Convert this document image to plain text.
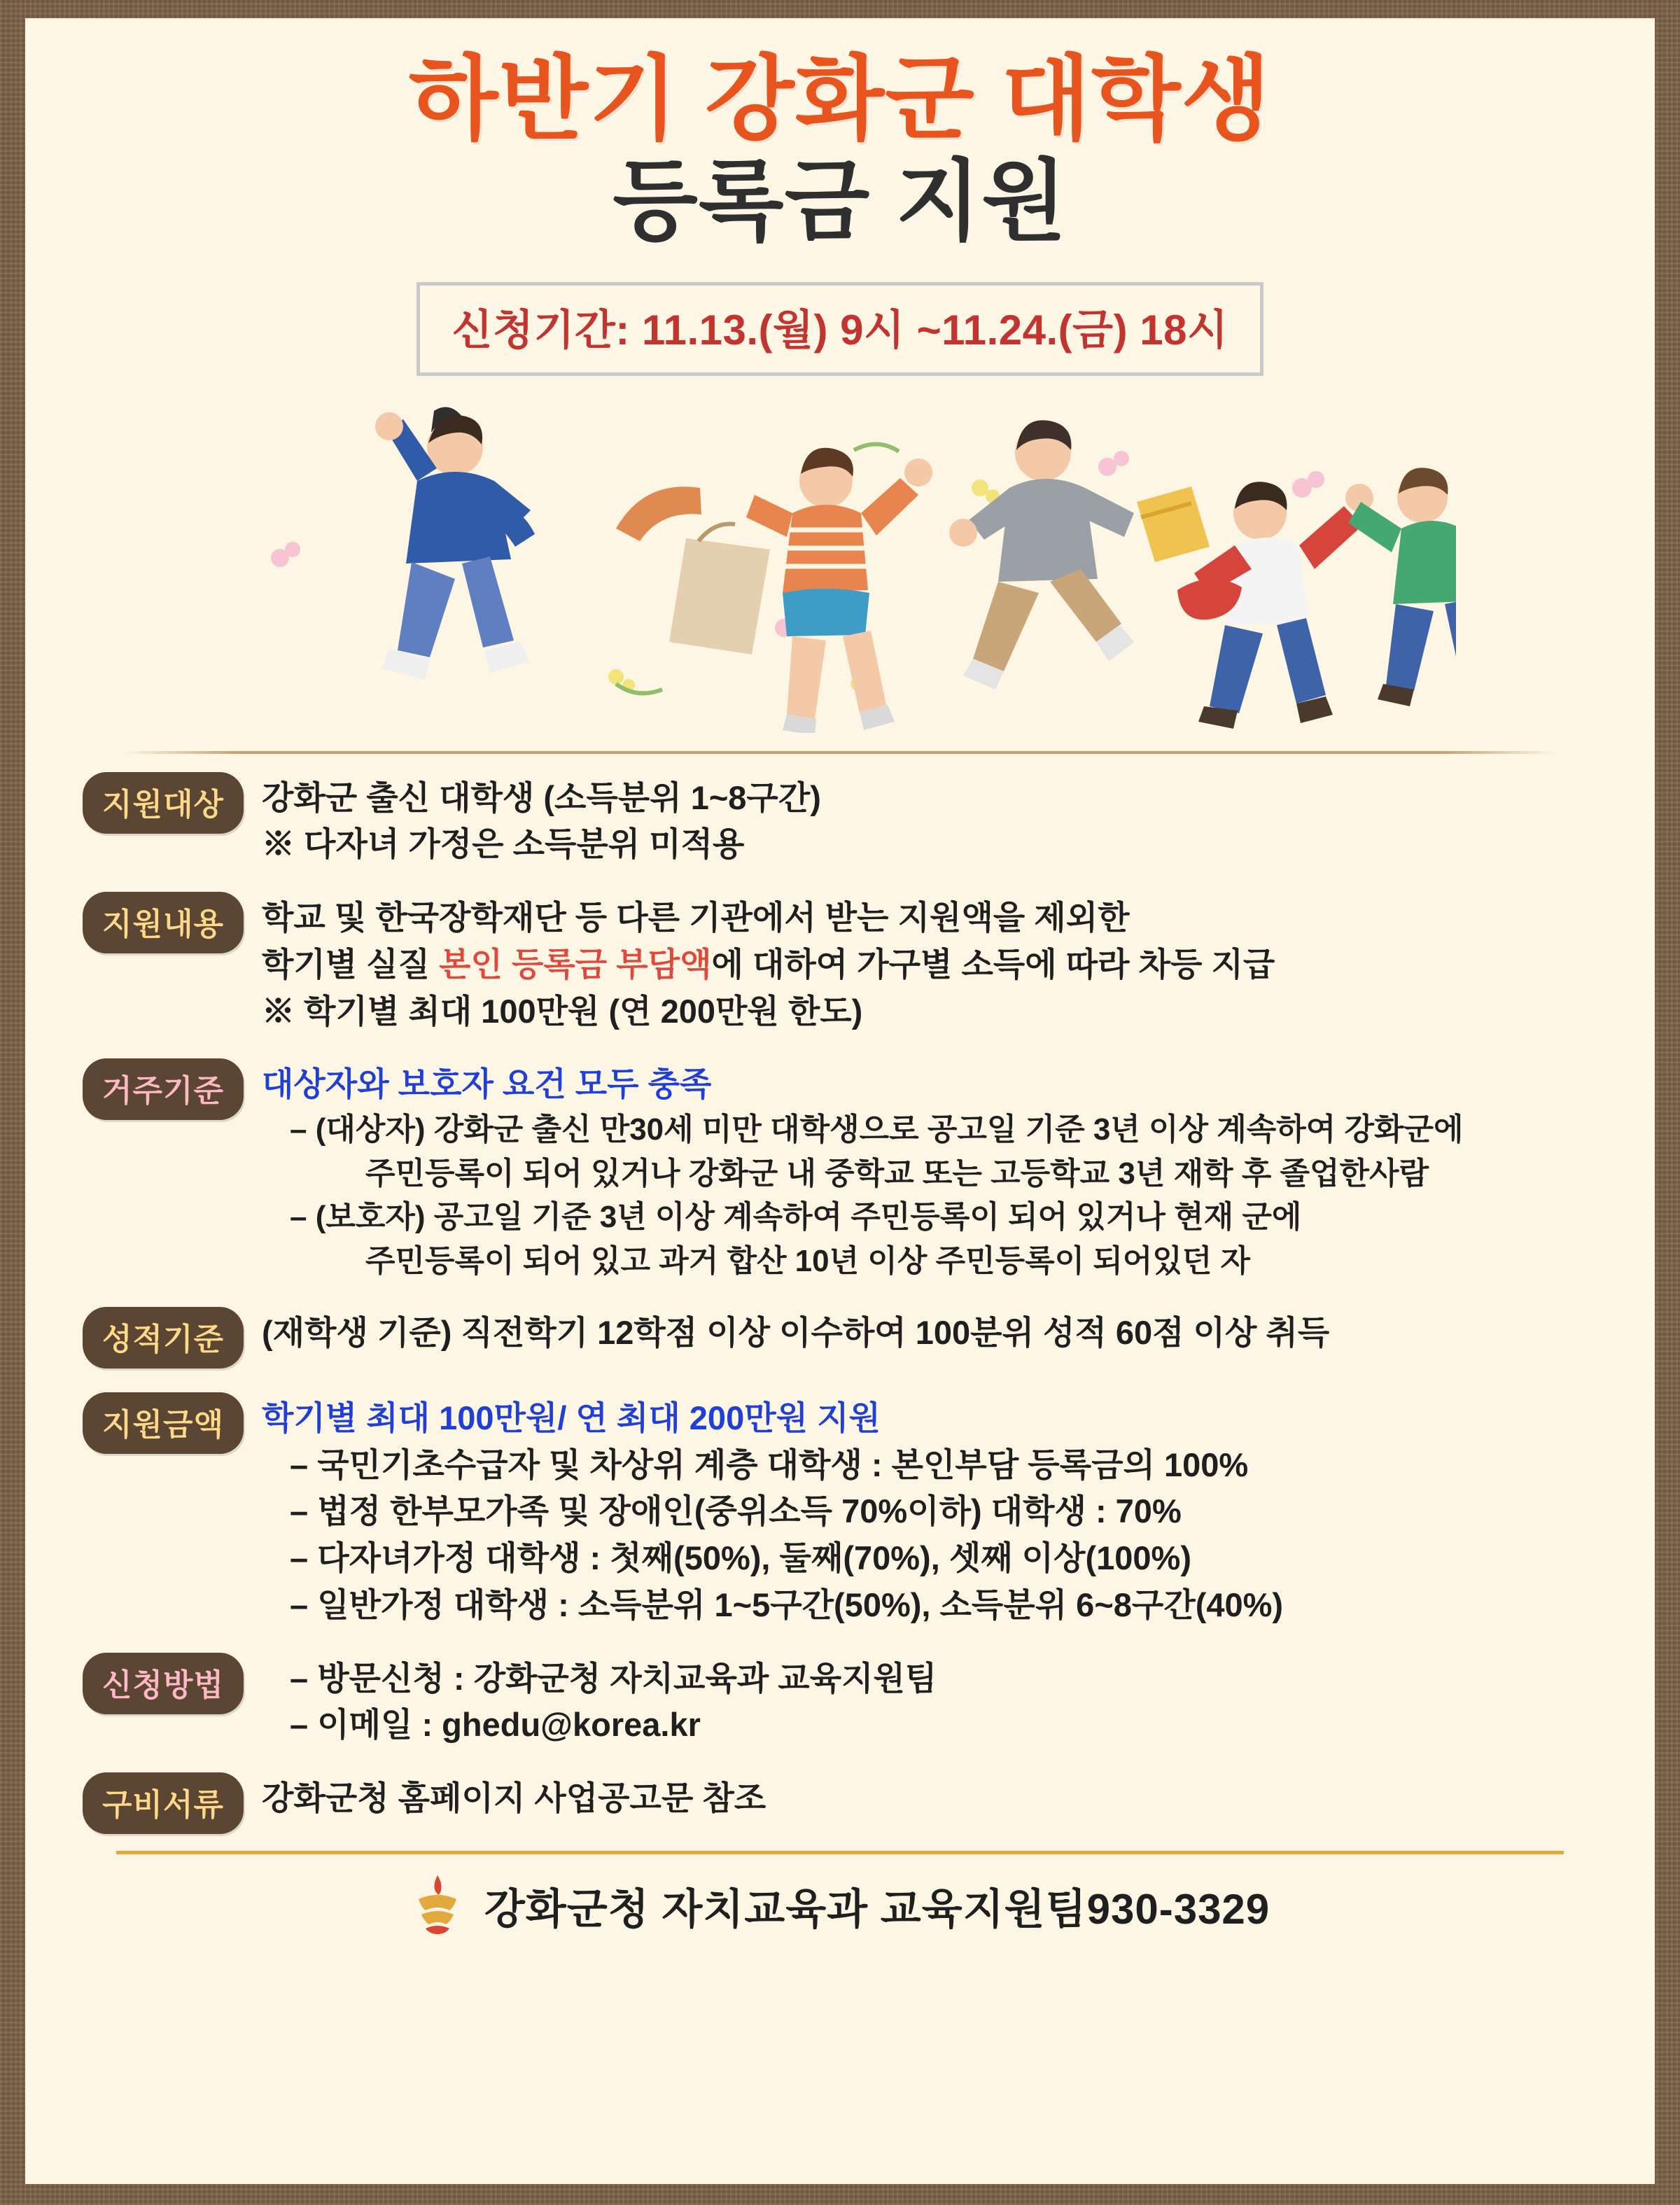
하반기 강화군 대학생
등록금 지원
신청기간: 11.13.(월) 9시 ~11.24.(금) 18시
지원대상	강화군 출신 대학생 (소득분위 1~8구간)
※ 다자녀 가정은 소득분위 미적용
지원내용	학교 및 한국장학재단 등 다른 기관에서 받는 지원액을 제외한
학기별 실질 본인 등록금 부담액에 대하여 가구별 소득에 따라 차등 지급
※ 학기별 최대 100만원 (연 200만원 한도)
거주기준	대상자와 보호자 요건 모두 충족
– (대상자) 강화군 출신 만30세 미만 대학생으로 공고일 기준 3년 이상 계속하여 강화군에
주민등록이 되어 있거나 강화군 내 중학교 또는 고등학교 3년 재학 후 졸업한사람
– (보호자) 공고일 기준 3년 이상 계속하여 주민등록이 되어 있거나 현재 군에
주민등록이 되어 있고 과거 합산 10년 이상 주민등록이 되어있던 자
성적기준	(재학생 기준) 직전학기 12학점 이상 이수하여 100분위 성적 60점 이상 취득
지원금액	학기별 최대 100만원/ 연 최대 200만원 지원
– 국민기초수급자 및 차상위 계층 대학생 : 본인부담 등록금의 100%
– 법정 한부모가족 및 장애인(중위소득 70%이하) 대학생 : 70%
– 다자녀가정 대학생 : 첫째(50%), 둘째(70%), 셋째 이상(100%)
– 일반가정 대학생 : 소득분위 1~5구간(50%), 소득분위 6~8구간(40%)
신청방법	– 방문신청 : 강화군청 자치교육과 교육지원팀
– 이메일 : ghedu@korea.kr
구비서류	강화군청 홈페이지 사업공고문 참조
강화군청 자치교육과 교육지원팀930-3329
